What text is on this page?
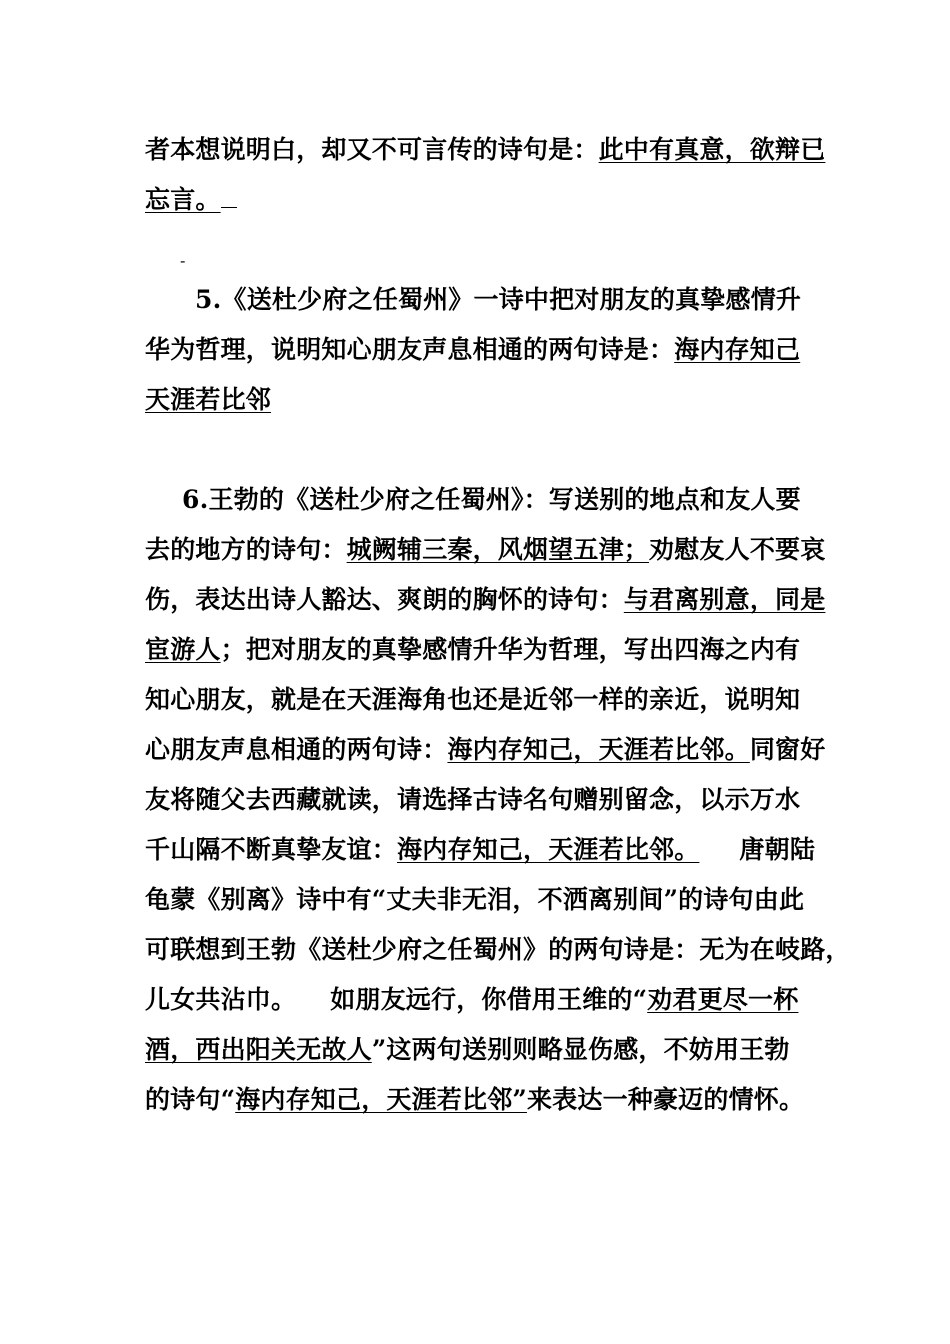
者本想说明白，却又不可言传的诗句是：此中有真意，欲辩已
忘言。
-
5.《送杜少府之任蜀州》一诗中把对朋友的真挚感情升
华为哲理，说明知心朋友声息相通的两句诗是：海内存知己
天涯若比邻
6.王勃的《送杜少府之任蜀州》：写送别的地点和友人要
去的地方的诗句：城阙辅三秦，风烟望五津；劝慰友人不要哀
伤，表达出诗人豁达、爽朗的胸怀的诗句：与君离别意，同是
宦游人；把对朋友的真挚感情升华为哲理，写出四海之内有
知心朋友，就是在天涯海角也还是近邻一样的亲近，说明知
心朋友声息相通的两句诗：海内存知己，天涯若比邻。同窗好
友将随父去西藏就读，请选择古诗名句赠别留念，以示万水
千山隔不断真挚友谊：海内存知己，天涯若比邻。 唐朝陆
龟蒙《别离》诗中有“丈夫非无泪，不洒离别间”的诗句由此
可联想到王勃《送杜少府之任蜀州》的两句诗是：无为在岐路，
儿女共沾巾。 如朋友远行，你借用王维的“劝君更尽一杯
酒，西出阳关无故人”这两句送别则略显伤感，不妨用王勃
的诗句“海内存知己，天涯若比邻”来表达一种豪迈的情怀。
